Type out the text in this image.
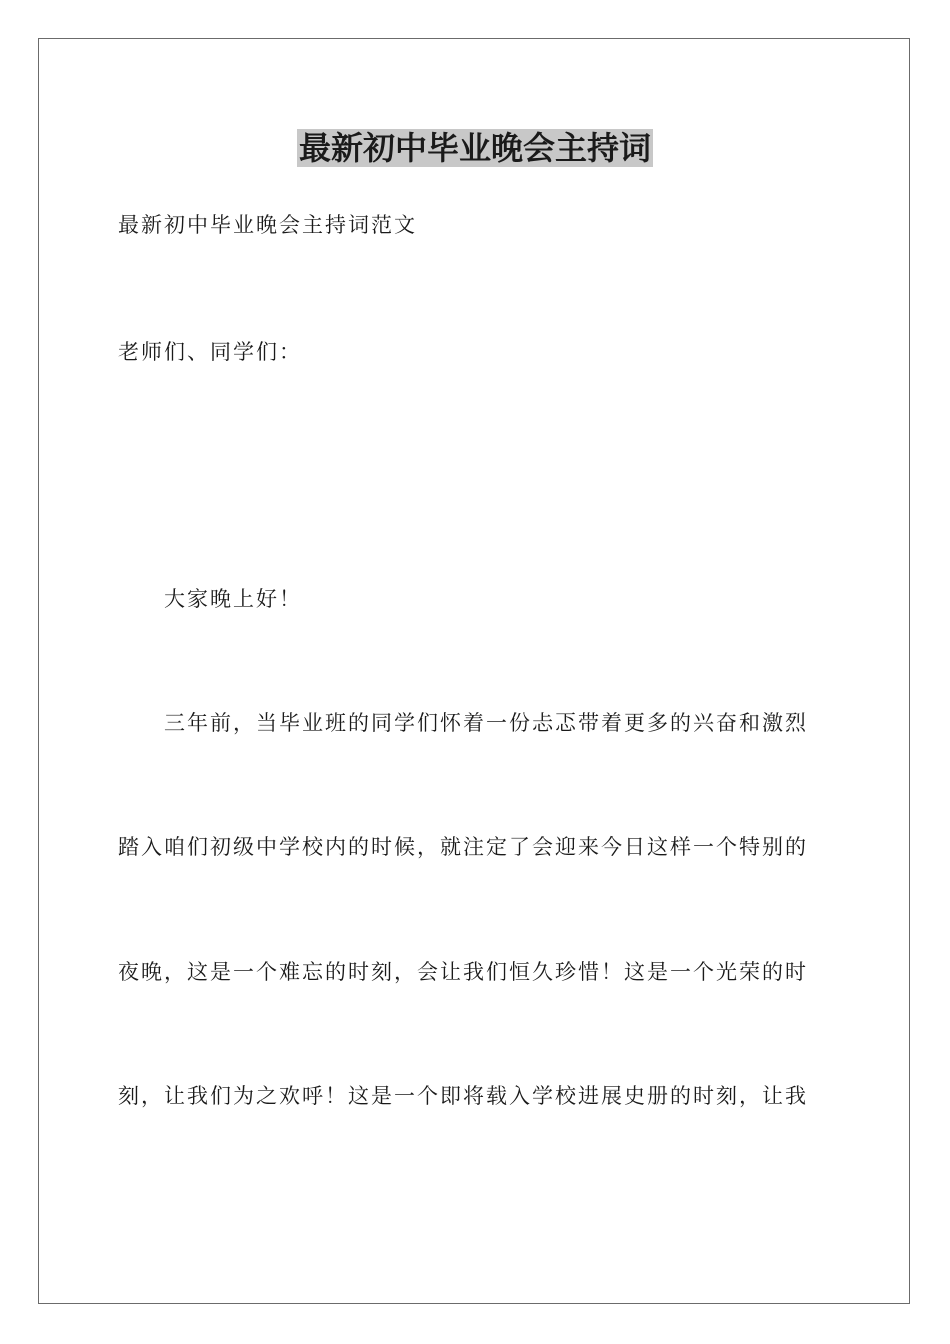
最新初中毕业晚会主持词

最新初中毕业晚会主持词范文

老师们、同学们：

大家晚上好！

三年前，当毕业班的同学们怀着一份忐忑带着更多的兴奋和激烈

踏入咱们初级中学校内的时候，就注定了会迎来今日这样一个特别的

夜晚，这是一个难忘的时刻，会让我们恒久珍惜！这是一个光荣的时

刻，让我们为之欢呼！这是一个即将载入学校进展史册的时刻，让我
